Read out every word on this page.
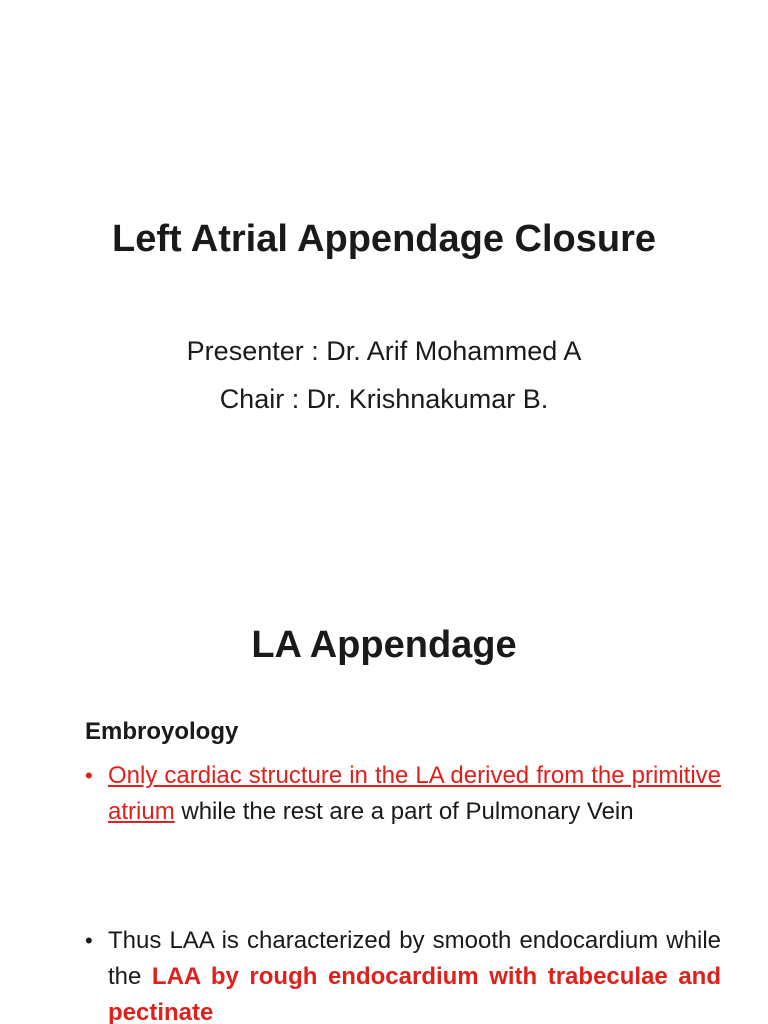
Left Atrial Appendage Closure
Presenter : Dr. Arif Mohammed A
Chair : Dr. Krishnakumar B.
LA Appendage
Embroyology
• Only cardiac structure in the LA derived from the primitive atrium while the rest are a part of Pulmonary Vein
• Thus LAA is characterized by smooth endocardium while the LAA by rough endocardium with trabeculae and pectinate
